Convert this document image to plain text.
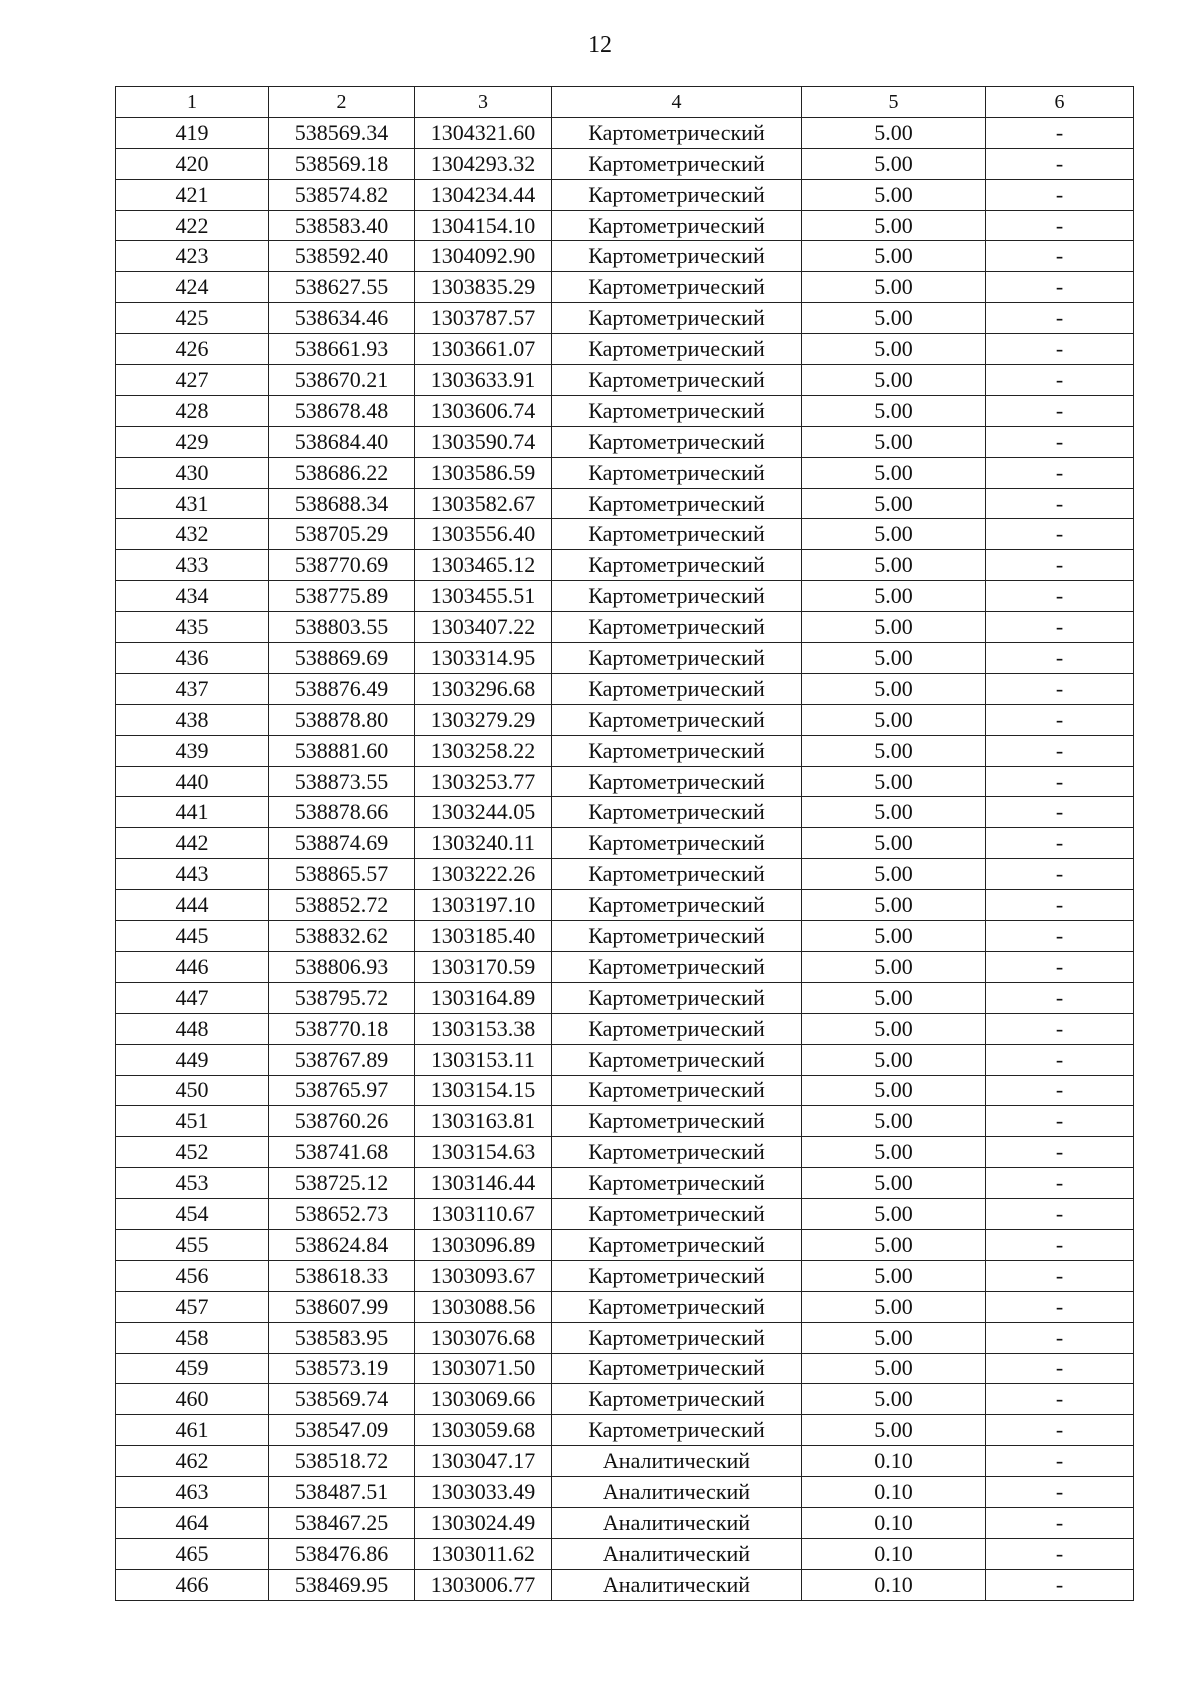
12
1	2	3	4	5	6
419	538569.34	1304321.60	Картометрический	5.00	-
420	538569.18	1304293.32	Картометрический	5.00	-
421	538574.82	1304234.44	Картометрический	5.00	-
422	538583.40	1304154.10	Картометрический	5.00	-
423	538592.40	1304092.90	Картометрический	5.00	-
424	538627.55	1303835.29	Картометрический	5.00	-
425	538634.46	1303787.57	Картометрический	5.00	-
426	538661.93	1303661.07	Картометрический	5.00	-
427	538670.21	1303633.91	Картометрический	5.00	-
428	538678.48	1303606.74	Картометрический	5.00	-
429	538684.40	1303590.74	Картометрический	5.00	-
430	538686.22	1303586.59	Картометрический	5.00	-
431	538688.34	1303582.67	Картометрический	5.00	-
432	538705.29	1303556.40	Картометрический	5.00	-
433	538770.69	1303465.12	Картометрический	5.00	-
434	538775.89	1303455.51	Картометрический	5.00	-
435	538803.55	1303407.22	Картометрический	5.00	-
436	538869.69	1303314.95	Картометрический	5.00	-
437	538876.49	1303296.68	Картометрический	5.00	-
438	538878.80	1303279.29	Картометрический	5.00	-
439	538881.60	1303258.22	Картометрический	5.00	-
440	538873.55	1303253.77	Картометрический	5.00	-
441	538878.66	1303244.05	Картометрический	5.00	-
442	538874.69	1303240.11	Картометрический	5.00	-
443	538865.57	1303222.26	Картометрический	5.00	-
444	538852.72	1303197.10	Картометрический	5.00	-
445	538832.62	1303185.40	Картометрический	5.00	-
446	538806.93	1303170.59	Картометрический	5.00	-
447	538795.72	1303164.89	Картометрический	5.00	-
448	538770.18	1303153.38	Картометрический	5.00	-
449	538767.89	1303153.11	Картометрический	5.00	-
450	538765.97	1303154.15	Картометрический	5.00	-
451	538760.26	1303163.81	Картометрический	5.00	-
452	538741.68	1303154.63	Картометрический	5.00	-
453	538725.12	1303146.44	Картометрический	5.00	-
454	538652.73	1303110.67	Картометрический	5.00	-
455	538624.84	1303096.89	Картометрический	5.00	-
456	538618.33	1303093.67	Картометрический	5.00	-
457	538607.99	1303088.56	Картометрический	5.00	-
458	538583.95	1303076.68	Картометрический	5.00	-
459	538573.19	1303071.50	Картометрический	5.00	-
460	538569.74	1303069.66	Картометрический	5.00	-
461	538547.09	1303059.68	Картометрический	5.00	-
462	538518.72	1303047.17	Аналитический	0.10	-
463	538487.51	1303033.49	Аналитический	0.10	-
464	538467.25	1303024.49	Аналитический	0.10	-
465	538476.86	1303011.62	Аналитический	0.10	-
466	538469.95	1303006.77	Аналитический	0.10	-
